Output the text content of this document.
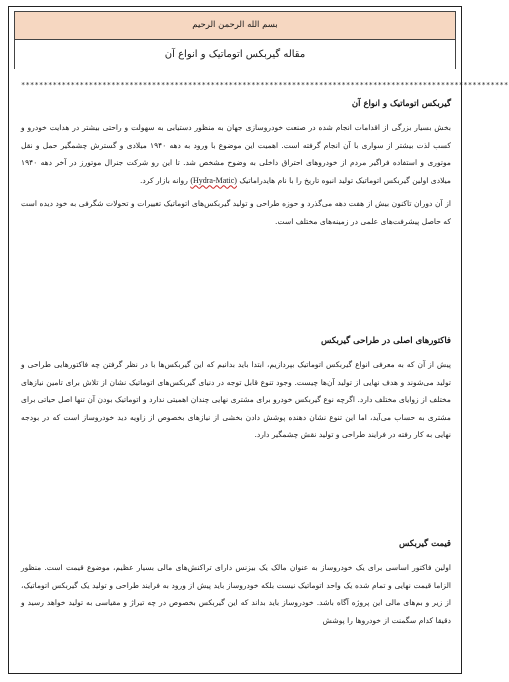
بسم الله الرحمن الرحیم
مقاله گیربکس اتوماتیک و انواع آن
************************************************************************************************************

گیربکس اتوماتیک و انواع آن

بخش بسیار بزرگی از اقدامات انجام شده در صنعت خودروسازی جهان به منظور دستیابی به سهولت و راحتی بیشتر در هدایت خودرو و کسب لذت بیشتر از سواری با آن انجام گرفته است. اهمیت این موضوع با ورود به دهه ۱۹۴۰ میلادی و گسترش چشمگیر حمل و نقل موتوری و استفاده فراگیر مردم از خودروهای احتراق داخلی به وضوح مشخص شد. تا این رو شرکت جنرال موتورز در آخر دهه ۱۹۴۰ میلادی اولین گیربکس اتوماتیک تولید انبوه تاریخ را با نام هایدراماتیک (Hydra-Matic) روانه بازار کرد.

از آن دوران تاکنون بیش از هفت دهه می‌گذرد و حوزه طراحی و تولید گیربکس‌های اتوماتیک تغییرات و تحولات شگرفی به خود دیده است که حاصل پیشرفت‌های علمی در زمینه‌های مختلف است.

فاکتورهای اصلی در طراحی گیربکس

پیش از آن که به معرفی انواع گیربکس اتوماتیک بپردازیم، ابتدا باید بدانیم که این گیربکس‌ها با در نظر گرفتن چه فاکتورهایی طراحی و تولید می‌شوند و هدف نهایی از تولید آن‌ها چیست. وجود تنوع قابل توجه در دنیای گیربکس‌های اتوماتیک نشان از تلاش برای تامین نیازهای مختلف از زوایای مختلف دارد. اگرچه نوع گیربکس خودرو برای مشتری نهایی چندان اهمیتی ندارد و اتوماتیک بودن آن تنها اصل حیاتی برای مشتری به حساب می‌آید، اما این تنوع نشان دهنده پوشش دادن بخشی از نیازهای بخصوص از زاویه دید خودروساز است که در بودجه نهایی به کار رفته در فرایند طراحی و تولید نقش چشمگیر دارد.

قیمت گیربکس

اولین فاکتور اساسی برای یک خودروساز به عنوان مالک یک بیزنس دارای تراکنش‌های مالی بسیار عظیم، موضوع قیمت است. منظور الزاما قیمت نهایی و تمام شده یک واحد اتوماتیک نیست بلکه خودروساز باید پیش از ورود به فرایند طراحی و تولید یک گیربکس اتوماتیک، از زیر و بم‌های مالی این پروژه آگاه باشد. خودروساز باید بداند که این گیربکس بخصوص در چه تیراژ و مقیاسی به تولید خواهد رسید و دقیقا کدام سگمنت از خودروها را پوشش
